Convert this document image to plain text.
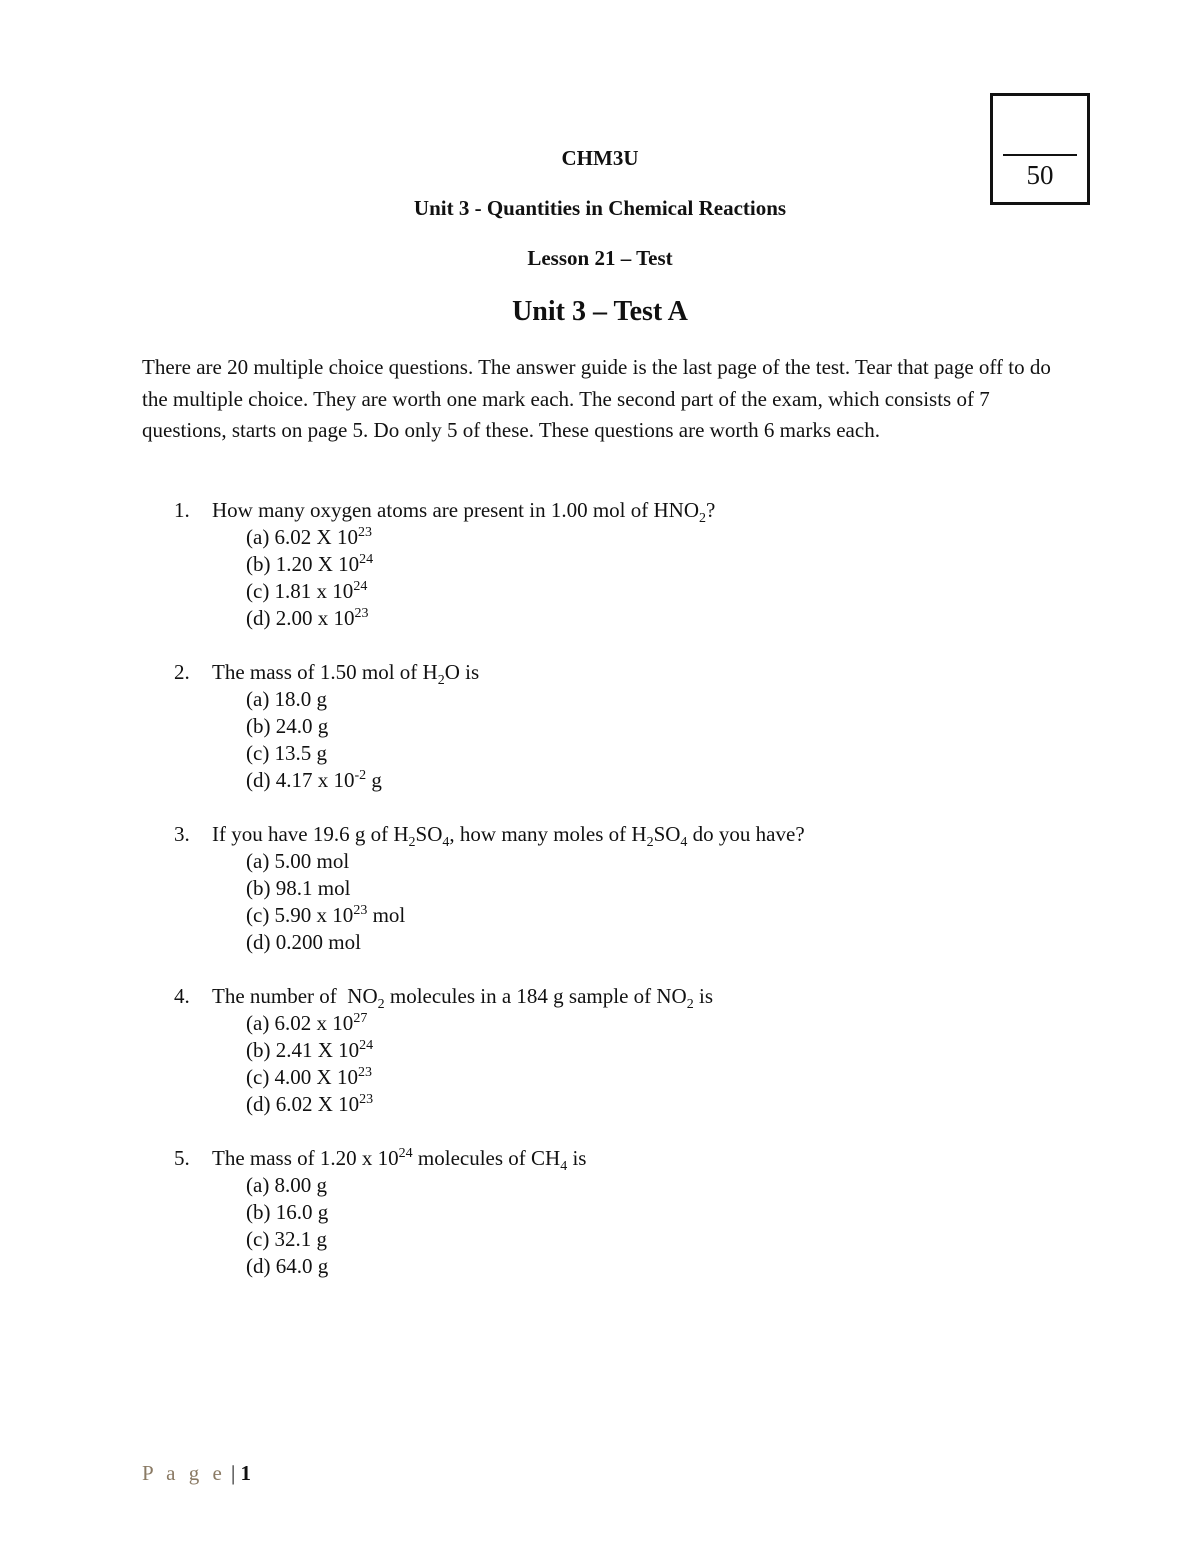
50
CHM3U
Unit 3 - Quantities in Chemical Reactions
Lesson 21 – Test
Unit 3 – Test A

There are 20 multiple choice questions. The answer guide is the last page of the test. Tear that page off to do the multiple choice. They are worth one mark each. The second part of the exam, which consists of 7 questions, starts on page 5. Do only 5 of these. These questions are worth 6 marks each.

1. How many oxygen atoms are present in 1.00 mol of $HNO_2$?
(a) 6.02 X $10^{23}$
(b) 1.20 X $10^{24}$
(c) 1.81 x $10^{24}$
(d) 2.00 x $10^{23}$
2. The mass of 1.50 mol of $H_2O$ is
(a) 18.0 g
(b) 24.0 g
(c) 13.5 g
(d) 4.17 x $10^{-2}$ g
3. If you have 19.6 g of $H_2SO_4$, how many moles of $H_2SO_4$ do you have?
(a) 5.00 mol
(b) 98.1 mol
(c) 5.90 x $10^{23}$ mol
(d) 0.200 mol
4. The number of  $NO_2$ molecules in a 184 g sample of $NO_2$ is
(a) 6.02 x $10^{27}$
(b) 2.41 X $10^{24}$
(c) 4.00 X $10^{23}$
(d) 6.02 X $10^{23}$
5. The mass of 1.20 x $10^{24}$ molecules of $CH_4$ is
(a) 8.00 g
(b) 16.0 g
(c) 32.1 g
(d) 64.0 g
P a g e | 1
